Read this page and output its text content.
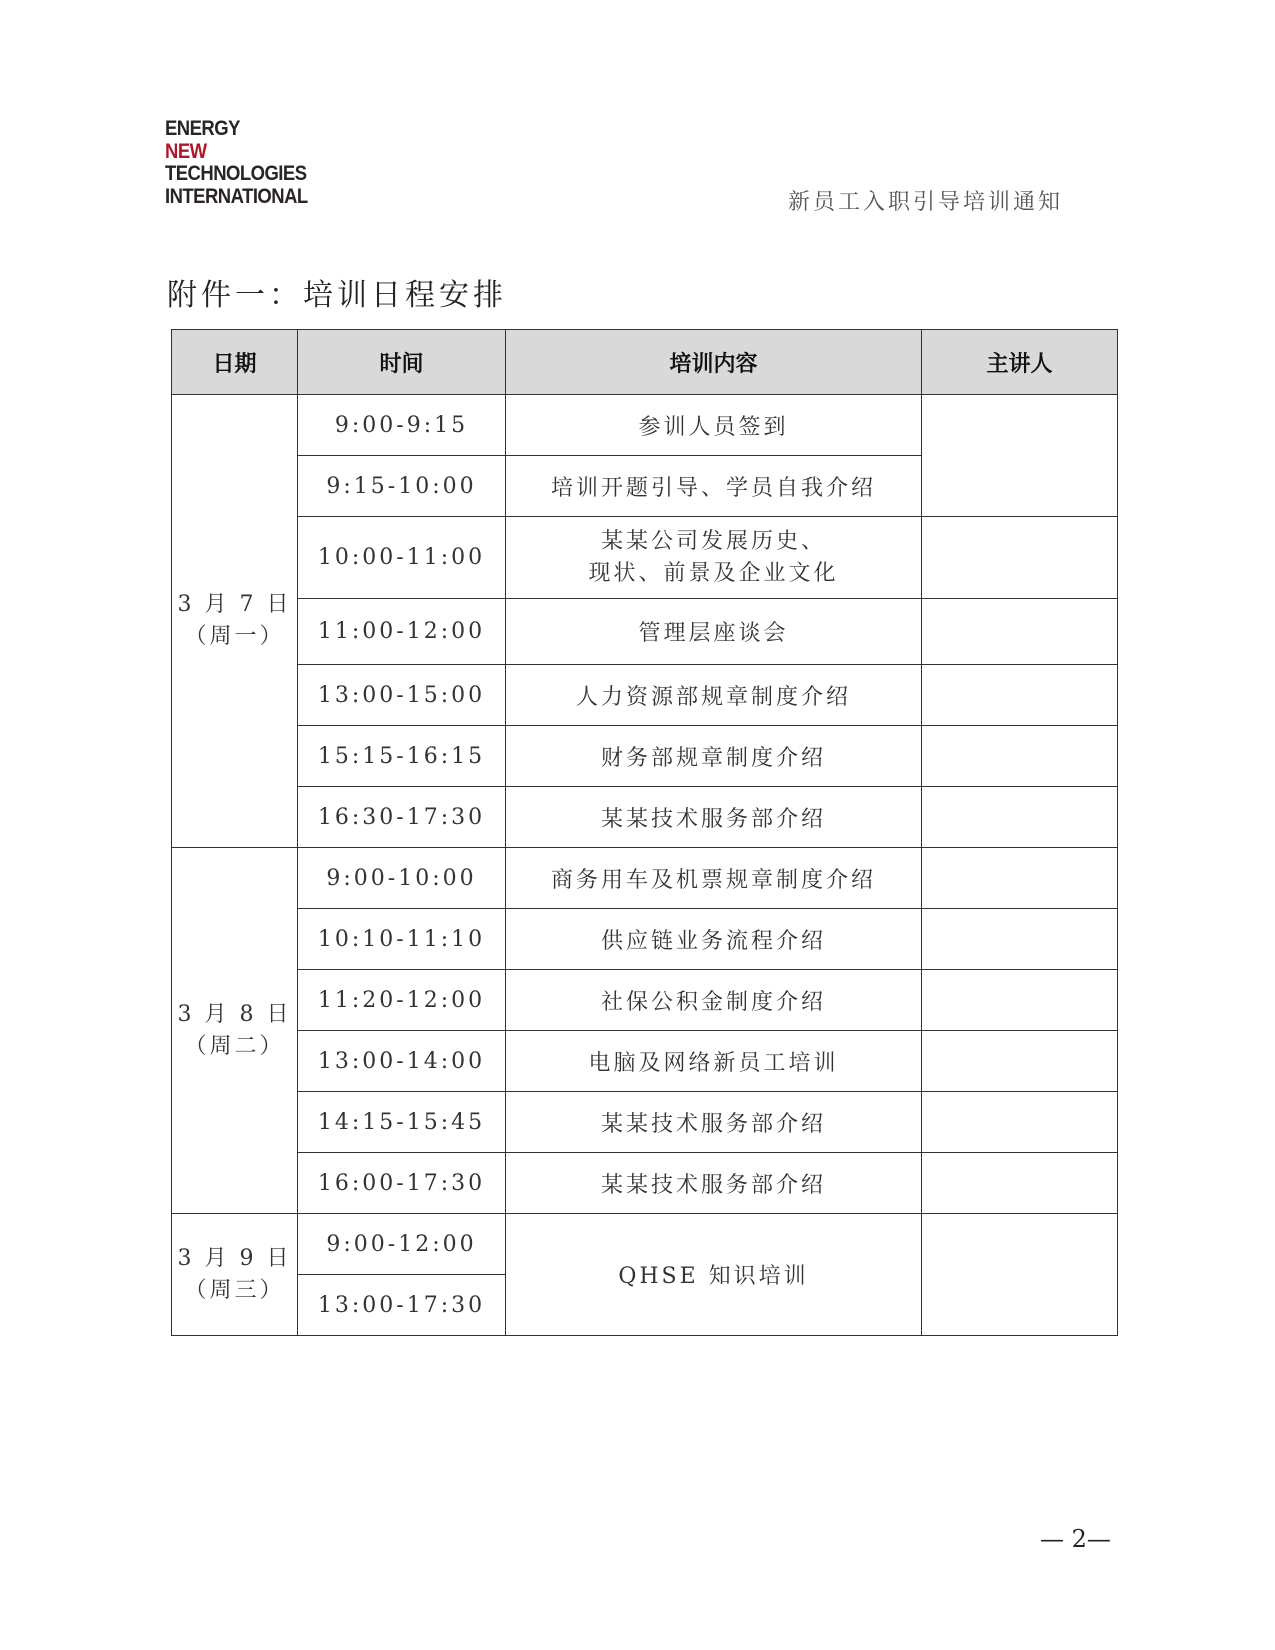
ENERGY
NEW
TECHNOLOGIES
INTERNATIONAL	新员工入职引导培训通知
附件一：培训日程安排
日期	时间	培训内容	主讲人

3 月 7 日
（周一）	9:00-9:15	参训人员签到	
	9:15-10:00	培训开题引导、学员自我介绍	
	10:00-11:00	某某公司发展历史、
现状、前景及企业文化	

	11:00-12:00	管理层座谈会	
	13:00-15:00	人力资源部规章制度介绍	
	15:15-16:15	财务部规章制度介绍	
	16:30-17:30	某某技术服务部介绍	

3 月 8 日
（周二）	9:00-10:00	商务用车及机票规章制度介绍	
	10:10-11:10	供应链业务流程介绍	
	11:20-12:00	社保公积金制度介绍	
	13:00-14:00	电脑及网络新员工培训	
	14:15-15:45	某某技术服务部介绍	
	16:00-17:30	某某技术服务部介绍	

3 月 9 日
（周三）	9:00-12:00	QHSE 知识培训	
	13:00-17:30		
— 2—
